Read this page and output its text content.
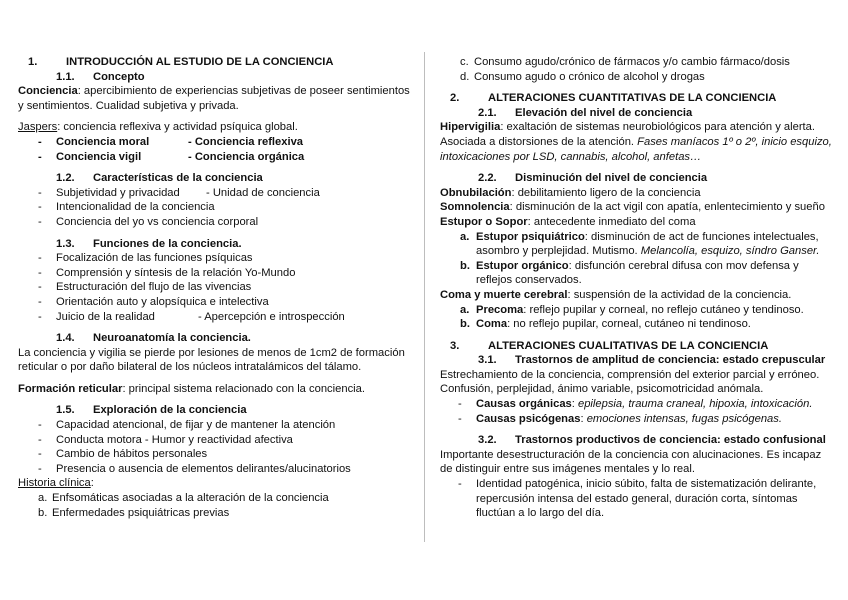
1.	INTRODUCCIÓN AL ESTUDIO DE LA CONCIENCIA
1.1.	Concepto
Conciencia: apercibimiento de experiencias subjetivas de poseer sentimientos y sentimientos. Cualidad subjetiva y privada.
Jaspers: conciencia reflexiva y actividad psíquica global.
-	Conciencia moral	- Conciencia reflexiva
-	Conciencia vigil	- Conciencia orgánica
1.2.	Características de la conciencia
-	Subjetividad y privacidad	- Unidad de conciencia
-	Intencionalidad de la conciencia
-	Conciencia del yo vs conciencia corporal
1.3.	Funciones de la conciencia.
-	Focalización de las funciones psíquicas
-	Comprensión y síntesis de la relación Yo-Mundo
-	Estructuración del flujo de las vivencias
-	Orientación auto y alopsíquica e intelectiva
-	Juicio de la realidad	- Apercepción e introspección
1.4.	Neuroanatomía la conciencia.
La conciencia y vigilia se pierde por lesiones de menos de 1cm2 de formación reticular o por daño bilateral de los núcleos intratalámicos del tálamo.
Formación reticular: principal sistema relacionado con la conciencia.
1.5.	Exploración de la conciencia
-	Capacidad atencional, de fijar y de mantener la atención
-	Conducta motora - Humor y reactividad afectiva
-	Cambio de hábitos personales
-	Presencia o ausencia de elementos delirantes/alucinatorios
Historia clínica:
a. Enfsomáticas asociadas a la alteración de la conciencia
b. Enfermedades psiquiátricas previas
c. Consumo agudo/crónico de fármacos y/o cambio fármaco/dosis
d. Consumo agudo o crónico de alcohol y drogas
2.	ALTERACIONES CUANTITATIVAS DE LA CONCIENCIA
2.1.	Elevación del nivel de conciencia
Hipervigilia: exaltación de sistemas neurobiológicos para atención y alerta. Asociada a distorsiones de la atención. Fases maníacos 1º o 2º, inicio esquizo, intoxicaciones por LSD, cannabis, alcohol, anfetas…
2.2.	Disminución del nivel de conciencia
Obnubilación: debilitamiento ligero de la conciencia
Somnolencia: disminución de la act vigil con apatía, enlentecimiento y sueño
Estupor o Sopor: antecedente inmediato del coma
a. Estupor psiquiátrico: disminución de act de funciones intelectuales, asombro y perplejidad. Mutismo. Melancolía, esquizo, síndro Ganser.
b. Estupor orgánico: disfunción cerebral difusa con mov defensa y reflejos conservados.
Coma y muerte cerebral: suspensión de la actividad de la conciencia.
a. Precoma: reflejo pupilar y corneal, no reflejo cutáneo y tendinoso.
b. Coma: no reflejo pupilar, corneal, cutáneo ni tendinoso.
3.	ALTERACIONES CUALITATIVAS DE LA CONCIENCIA
3.1.	Trastornos de amplitud de conciencia: estado crepuscular
Estrechamiento de la conciencia, comprensión del exterior parcial y erróneo. Confusión, perplejidad, ánimo variable, psicomotricidad anómala.
-	Causas orgánicas: epilepsia, trauma craneal, hipoxia, intoxicación.
-	Causas psicógenas: emociones intensas, fugas psicógenas.
3.2.	Trastornos productivos de conciencia: estado confusional
Importante desestructuración de la conciencia con alucinaciones. Es incapaz de distinguir entre sus imágenes mentales y lo real.
-	Identidad patogénica, inicio súbito, falta de sistematización delirante, repercusión intensa del estado general, duración corta, síntomas fluctúan a lo largo del día.
